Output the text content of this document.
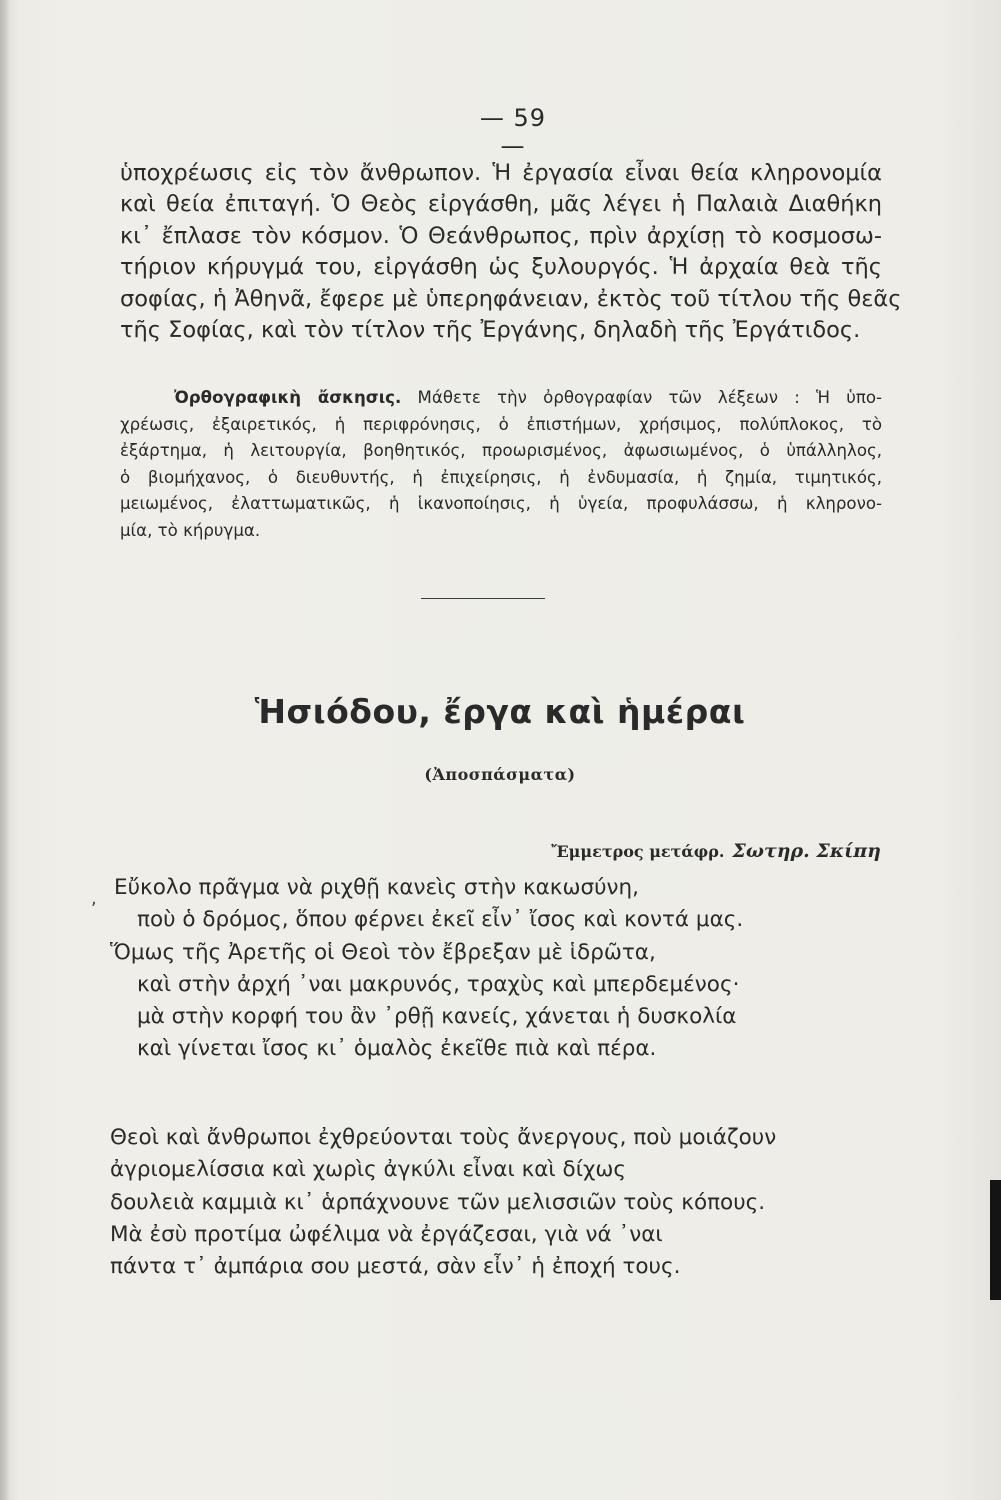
— 59 —
ὑποχρέωσις εἰς τὸν ἄνθρωπον. Ἡ ἐργασία εἶναι θεία κληρονομία
καὶ θεία ἐπιταγή. Ὁ Θεὸς εἰργάσθη, μᾶς λέγει ἡ Παλαιὰ Διαθήκη
κι᾽ ἔπλασε τὸν κόσμον. Ὁ Θεάνθρωπος, πρὶν ἀρχίσῃ τὸ κοσμοσω-
τήριον κήρυγμά του, εἰργάσθη ὡς ξυλουργός. Ἡ ἀρχαία θεὰ τῆς
σοφίας, ἡ Ἀθηνᾶ, ἔφερε μὲ ὑπερηφάνειαν, ἐκτὸς τοῦ τίτλου τῆς θεᾶς
τῆς Σοφίας, καὶ τὸν τίτλον τῆς Ἐργάνης, δηλαδὴ τῆς Ἐργάτιδος.
Ὀρθογραφικὴ ἄσκησις. Μάθετε τὴν ὀρθογραφίαν τῶν λέξεων : Ἡ ὑπο-
χρέωσις, ἐξαιρετικός, ἡ περιφρόνησις, ὁ ἐπιστήμων, χρήσιμος, πολύπλοκος, τὸ
ἐξάρτημα, ἡ λειτουργία, βοηθητικός, προωρισμένος, ἀφωσιωμένος, ὁ ὑπάλληλος,
ὁ βιομήχανος, ὁ διευθυντής, ἡ ἐπιχείρησις, ἡ ἐνδυμασία, ἡ ζημία, τιμητικός,
μειωμένος, ἐλαττωματικῶς, ἡ ἱκανοποίησις, ἡ ὑγεία, προφυλάσσω, ἡ κληρονο-
μία, τὸ κήρυγμα.
Ἡσιόδου, ἔργα καὶ ἡμέραι
(Ἀποσπάσματα)
Ἔμμετρος μετάφρ. Σωτηρ. Σκίπη
, Εὔκολο πρᾶγμα νὰ ριχθῇ κανεὶς στὴν κακωσύνη,
ποὺ ὁ δρόμος, ὅπου φέρνει ἐκεῖ εἶν᾽ ἴσος καὶ κοντά μας.
Ὅμως τῆς Ἀρετῆς οἱ Θεοὶ τὸν ἔβρεξαν μὲ ἱδρῶτα,
καὶ στὴν ἀρχή ᾽ναι μακρυνός, τραχὺς καὶ μπερδεμένος·
μὰ στὴν κορφή του ἂν ᾽ρθῇ κανείς, χάνεται ἡ δυσκολία
καὶ γίνεται ἴσος κι᾽ ὁμαλὸς ἐκεῖθε πιὰ καὶ πέρα.
Θεοὶ καὶ ἄνθρωποι ἐχθρεύονται τοὺς ἄνεργους, ποὺ μοιάζουν
ἀγριομελίσσια καὶ χωρὶς ἀγκύλι εἶναι καὶ δίχως
δουλειὰ καμμιὰ κι᾽ ἁρπάχνουνε τῶν μελισσιῶν τοὺς κόπους.
Μὰ ἐσὺ προτίμα ὠφέλιμα νὰ ἐργάζεσαι, γιὰ νά ᾽ναι
πάντα τ᾽ ἀμπάρια σου μεστά, σὰν εἶν᾽ ἡ ἐποχή τους.
